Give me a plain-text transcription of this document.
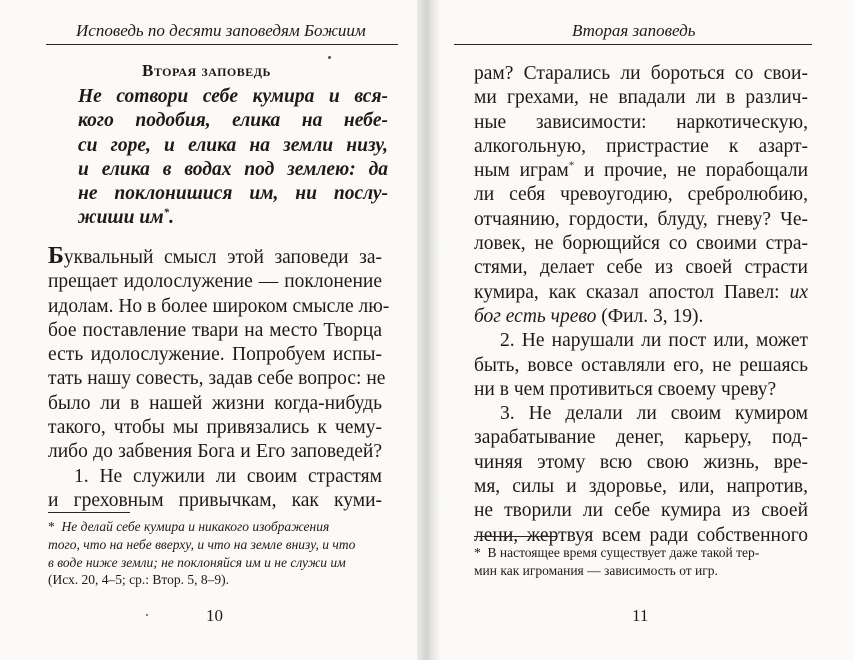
Исповедь по десяти заповедям Божиим
Вторая заповедь
Не сотвори себе кумира и вся-
кого подобия, елика на небе-
си горе, и елика на земли низу,
и елика в водах под землею: да
не поклонишися им, ни послу-
жиши им*.
Буквальный смысл этой заповеди за-
прещает идолослужение — поклонение
идолам. Но в более широком смысле лю-
бое поставление твари на место Творца
есть идолослужение. Попробуем испы-
тать нашу совесть, задав себе вопрос: не
было ли в нашей жизни когда-нибудь
такого, чтобы мы привязались к чему-
либо до забвения Бога и Его заповедей?
1. Не служили ли своим страстям
и греховным привычкам, как куми-
* Не делай себе кумира и никакого изображения
того, что на небе вверху, и что на земле внизу, и что
в воде ниже земли; не поклоняйся им и не служи им
(Исх. 20, 4–5; ср.: Втор. 5, 8–9).
10
Вторая заповедь
рам? Старались ли бороться со свои-
ми грехами, не впадали ли в различ-
ные зависимости: наркотическую,
алкогольную, пристрастие к азарт-
ным играм* и прочие, не порабощали
ли себя чревоугодию, сребролюбию,
отчаянию, гордости, блуду, гневу? Че-
ловек, не борющийся со своими стра-
стями, делает себе из своей страсти
кумира, как сказал апостол Павел: их
бог есть чрево (Фил. 3, 19).
2. Не нарушали ли пост или, может
быть, вовсе оставляли его, не решаясь
ни в чем противиться своему чреву?
3. Не делали ли своим кумиром
зарабатывание денег, карьеру, под-
чиняя этому всю свою жизнь, вре-
мя, силы и здоровье, или, напротив,
не творили ли себе кумира из своей
лени, жертвуя всем ради собственного
* В настоящее время существует даже такой тер-
мин как игромания — зависимость от игр.
11
